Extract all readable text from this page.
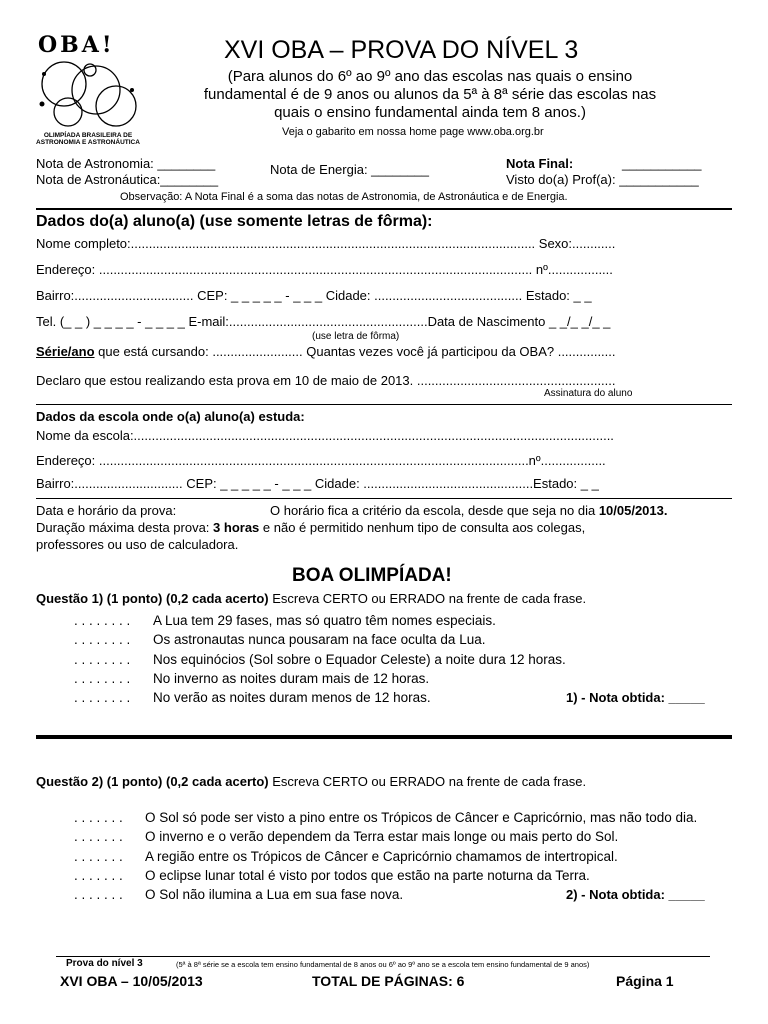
OBA!
OLIMPÍADA BRASILEIRA DE ASTRONOMIA E ASTRONÁUTICA
XVI OBA – PROVA DO NÍVEL 3
(Para alunos do 6º ao 9º ano das escolas nas quais o ensino
fundamental é de 9 anos ou alunos da 5ª à 8ª série das escolas nas
quais o ensino fundamental ainda tem 8 anos.)
Veja o gabarito em nossa home page www.oba.org.br
Nota de Astronomia: ________
Nota de Astronáutica:________
Nota de Energia: ________	Nota Final:	___________
Visto do(a) Prof(a): ___________
Observação: A Nota Final é a soma das notas de Astronomia, de Astronáutica e de Energia.
Dados do(a) aluno(a) (use somente letras de fôrma):
Nome completo:................................................................................................................ Sexo:............
Endereço: ........................................................................................................................ nº..................
Bairro:................................. CEP: _ _ _ _ _ - _ _ _ Cidade: ......................................... Estado: _ _
Tel. (_ _ ) _ _ _ _ - _ _ _ _ E-mail:.......................................................Data de Nascimento _ _/_ _/_ _
(use letra de fôrma)
Série/ano que está cursando: ......................... Quantas vezes você já participou da OBA? ................
Declaro que estou realizando esta prova em 10 de maio de 2013. .......................................................
Assinatura do aluno
Dados da escola onde o(a) aluno(a) estuda:
Nome da escola:.....................................................................................................................................
Endereço: .......................................................................................................................nº..................
Bairro:.............................. CEP: _ _ _ _ _ - _ _ _ Cidade: ...............................................Estado: _ _
Data e horário da prova:	O horário fica a critério da escola, desde que seja no dia 10/05/2013.
Duração máxima desta prova: 3 horas e não é permitido nenhum tipo de consulta aos colegas,
professores ou uso de calculadora.
BOA OLIMPÍADA!
Questão 1) (1 ponto) (0,2 cada acerto) Escreva CERTO ou ERRADO na frente de cada frase.
. . . . . . . . A Lua tem 29 fases, mas só quatro têm nomes especiais.
. . . . . . . . Os astronautas nunca pousaram na face oculta da Lua.
. . . . . . . . Nos equinócios (Sol sobre o Equador Celeste) a noite dura 12 horas.
. . . . . . . . No inverno as noites duram mais de 12 horas.
. . . . . . . . No verão as noites duram menos de 12 horas.	1) - Nota obtida: _____
Questão 2) (1 ponto) (0,2 cada acerto) Escreva CERTO ou ERRADO na frente de cada frase.
. . . . . . . O Sol só pode ser visto a pino entre os Trópicos de Câncer e Capricórnio, mas não todo dia.
. . . . . . . O inverno e o verão dependem da Terra estar mais longe ou mais perto do Sol.
. . . . . . . A região entre os Trópicos de Câncer e Capricórnio chamamos de intertropical.
. . . . . . . O eclipse lunar total é visto por todos que estão na parte noturna da Terra.
. . . . . . . O Sol não ilumina a Lua em sua fase nova.	2) - Nota obtida: _____
Prova do nível 3	(5ª à 8ª série se a escola tem ensino fundamental de 8 anos ou 6º ao 9º ano se a escola tem ensino fundamental de 9 anos)
XVI OBA – 10/05/2013	TOTAL DE PÁGINAS: 6	Página 1
